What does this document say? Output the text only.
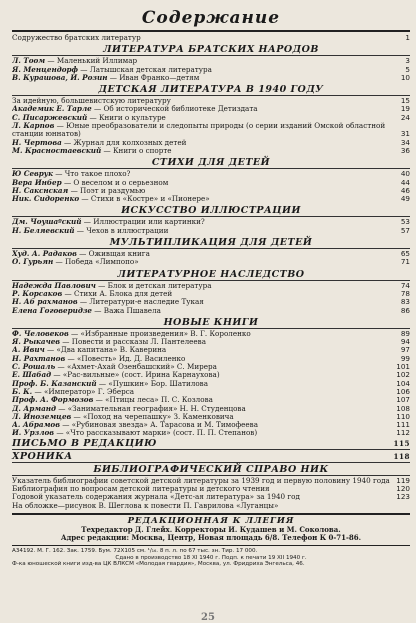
Содержание
Содружество братских литератур	1
ЛИТЕРАТУРА БРАТСКИХ НАРОДОВ
Л. Тоом — Маленький Иллимар	3
Я. Менцендорф — Латышская детская литература	5
В. Курашова, И. Розин — Иван Франко—детям	10
ДЕТСКАЯ ЛИТЕРАТУРА В 1940 ГОДУ
За идейную, большевистскую литературу	15
Академик Е. Тарле — Об исторической библиотеке Детиздата	19
С. Писаржевский — Книги о культуре	24
Л. Карпов — Юные преобразователи и следопыты природы (о серии изданий Омской областной станции юннатов)	31
Н. Чертова — Журнал для колхозных детей	34
М. Красностаевский — Книги о спорте	36
СТИХИ ДЛЯ ДЕТЕЙ
Ю Севрук — Что такое плохо?	40
Вера Инбер — О веселом и о серьезном	44
Н. Сакснская — Поэт и раздумью	46
Ник. Сидоренко — Стихи в «Костре» и «Пионере»	49
ИСКУССТВО ИЛЛЮСТРАЦИИ
Дм. Чоушаºский — Иллюстрации или картинки?	53
Н. Беляевский — Чехов в иллюстрации	57
МУЛЬТИПЛИКАЦИЯ ДЛЯ ДЕТЕЙ
Худ. А. Радаков — Оживщая книга	65
О. Гурьян — Победа «Лимпопо»	71
ЛИТЕРАТУРНОЕ НАСЛЕДСТВО
Надежда Павлович — Блок и детская литература	74
Р. Корсаков — Стихи А. Блока для детей	78
Н. Аб рахманов — Литератури-е наследие Тукая	83
Елена Гоговеридзе — Важа Пшавела	86
НОВЫЕ КНИГИ
Ф. Человеков — «Избранные произведения» В. Г. Короленко	89
Я. Рыкачев — Повести и рассказы Л. Пантелеева	94
А. Ивич — «Два капитана» В. Каверина	97
Н. Рахтанов — «Повесть» Ид. Д. Василенко	99
С. Рошаль — «Ахмет-Ахай Озенбашский» С. Мирера	101
Е. Шабад — «Рас-вильные» (сост. Ирина Карнаухова)	102
Проф. Б. Казанский — «Пушкин» Бор. Шатилова	104
Б. К. — «Император» Г. Эберса	106
Проф. А. Формозов — «Птицы леса» П. С. Козлова	107
Д. Арманд — «Занимательная география» Н. Н. Студенцова	108
Л. Иноземцев — «Поход на черепашку» З. Каменковича	110
А. Абрамов — «Рубиновая звезда» А. Тарасова и М. Тимофеева	111
И. Урзлов — «Что рассказывают марки» (сост. П. П. Степанов)	112
ПИСЬМО В РЕДАКЦИЮ	115
ХРОНИКА	118
БИБЛИОГРАФИЧЕСКИЙ СПРАВО НИК
Указатель библиографии советской детской литературы за 1939 год и первую половину 1940 года 119
Библиография по вопросам детской литературы и детского чтения	120
Годовой указатель содержания журнала «Детс-ая литература» за 1940 год	123
На обложке—рисунок В. Шеглова к повести П. Гаврилова «Луганцы»
РЕДАКЦИОННАЯ К ЛЛЕГИЯ
Техредактор Д. Глейх. Корректоры И. Кудашев и М. Соколова.
Адрес редакции: Москва, Центр, Новая площадь 6/8. Телефон К 0-71-86.
А34192. М. Г. 162. Зак. 1759. Бум. 72Х105 см. ¹/₁₆. 8 п. л. по 67 тыс. зн. Тир. 17 000.
Сдано в производство 18 XI 1940 г. Подп. к печати 19 XII 1940 г.
Ф-ка юношеской книги изд-ва ЦК ВЛКСМ «Молодая гвардия», Москва, ул. Фридриха Энгельса, 46.
25
